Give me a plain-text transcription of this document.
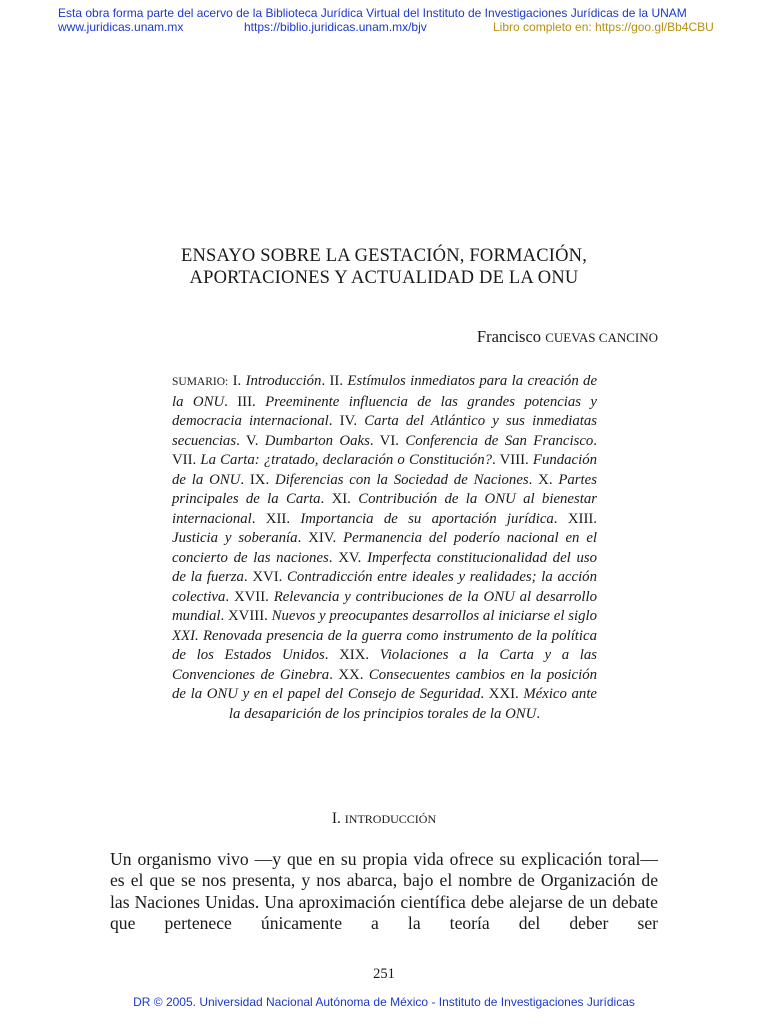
Esta obra forma parte del acervo de la Biblioteca Jurídica Virtual del Instituto de Investigaciones Jurídicas de la UNAM
www.juridicas.unam.mx	https://biblio.juridicas.unam.mx/bjv	Libro completo en: https://goo.gl/Bb4CBU
ENSAYO SOBRE LA GESTACIÓN, FORMACIÓN,
APORTACIONES Y ACTUALIDAD DE LA ONU
Francisco CUEVAS CANCINO
SUMARIO: I. Introducción. II. Estímulos inmediatos para la creación de la ONU. III. Preeminente influencia de las grandes potencias y democracia internacional. IV. Carta del Atlántico y sus inmediatas secuencias. V. Dumbarton Oaks. VI. Conferencia de San Francisco. VII. La Carta: ¿tratado, declaración o Constitución?. VIII. Fundación de la ONU. IX. Diferencias con la Sociedad de Naciones. X. Partes principales de la Carta. XI. Contribución de la ONU al bienestar internacional. XII. Importancia de su aportación jurídica. XIII. Justicia y soberanía. XIV. Permanencia del poderío nacional en el concierto de las naciones. XV. Imperfecta constitucionalidad del uso de la fuerza. XVI. Contradicción entre ideales y realidades; la acción colectiva. XVII. Relevancia y contribuciones de la ONU al desarrollo mundial. XVIII. Nuevos y preocupantes desarrollos al iniciarse el siglo XXI. Renovada presencia de la guerra como instrumento de la política de los Estados Unidos. XIX. Violaciones a la Carta y a las Convenciones de Ginebra. XX. Consecuentes cambios en la posición de la ONU y en el papel del Consejo de Seguridad. XXI. México ante la desaparición de los principios torales de la ONU.
I. INTRODUCCIÓN
Un organismo vivo —y que en su propia vida ofrece su explicación toral— es el que se nos presenta, y nos abarca, bajo el nombre de Organización de las Naciones Unidas. Una aproximación científica debe alejarse de un debate que pertenece únicamente a la teoría del deber ser
251
DR © 2005. Universidad Nacional Autónoma de México - Instituto de Investigaciones Jurídicas
